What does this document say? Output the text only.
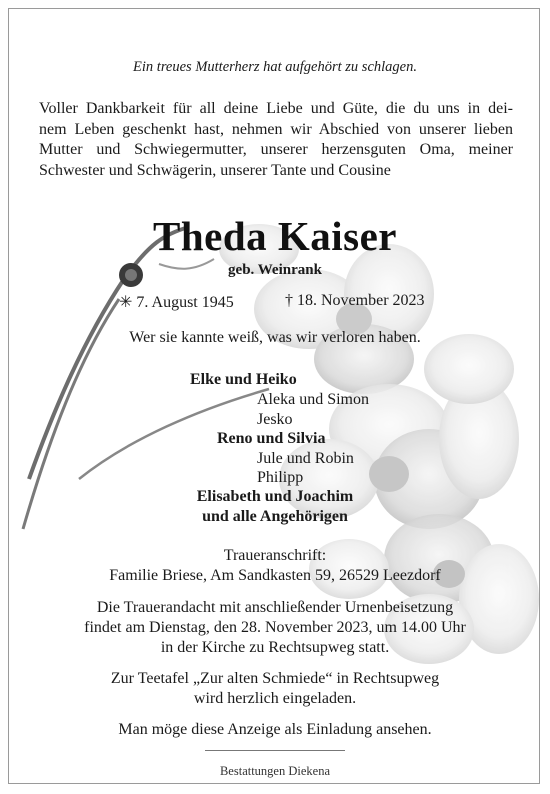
Ein treues Mutterherz hat aufgehört zu schlagen.
Voller Dankbarkeit für all deine Liebe und Güte, die du uns in dei-
nem Leben geschenkt hast, nehmen wir Abschied von unserer lieben
Mutter und Schwiegermutter, unserer herzensguten Oma, meiner
Schwester und Schwägerin, unserer Tante und Cousine
Theda Kaiser
geb. Weinrank
✳ 7. August 1945	† 18. November 2023
Wer sie kannte weiß, was wir verloren haben.
Elke und Heiko
Aleka und Simon
Jesko
Reno und Silvia
Jule und Robin
Philipp
Elisabeth und Joachim
und alle Angehörigen
Traueranschrift:
Familie Briese, Am Sandkasten 59, 26529 Leezdorf
Die Trauerandacht mit anschließender Urnenbeisetzung
findet am Dienstag, den 28. November 2023, um 14.00 Uhr
in der Kirche zu Rechtsupweg statt.
Zur Teetafel „Zur alten Schmiede“ in Rechtsupweg
wird herzlich eingeladen.
Man möge diese Anzeige als Einladung ansehen.
Bestattungen Diekena
